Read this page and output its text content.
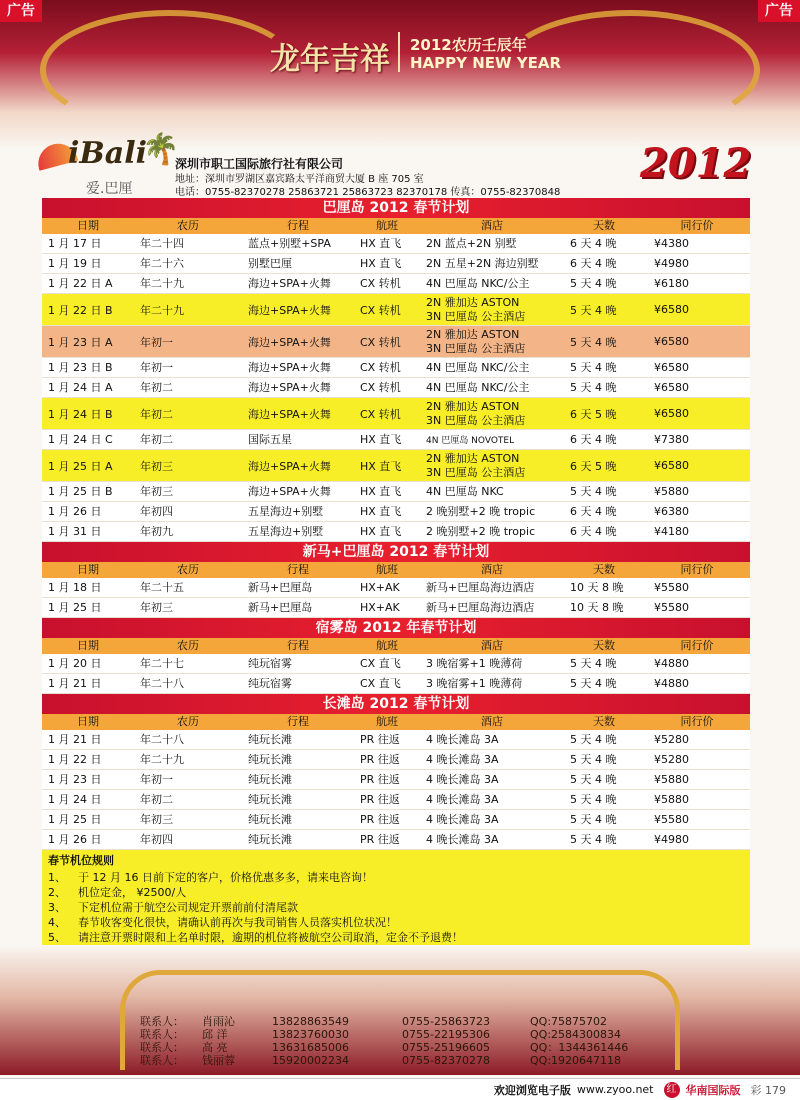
广告	广告
龙年吉祥 2012农历壬辰年
HAPPY NEW YEAR
iBali
🌴
爱.巴厘
深圳市职工国际旅行社有限公司
地址：深圳市罗湖区嘉宾路太平洋商贸大厦 B 座 705 室
电话：0755-82370278 25863721 25863723 82370178 传真：0755-82370848
2012
巴厘岛 2012 春节计划
日期	农历	行程	航班	酒店	天数	同行价
1 月 17 日	年二十四	蓝点+别墅+SPA	HX 直飞	2N 蓝点+2N 别墅	6 天 4 晚	¥4380
1 月 19 日	年二十六	别墅巴厘	HX 直飞	2N 五星+2N 海边别墅	6 天 4 晚	¥4980
1 月 22 日 A	年二十九	海边+SPA+火舞	CX 转机	4N 巴厘岛 NKC/公主	5 天 4 晚	¥6180
1 月 22 日 B	年二十九	海边+SPA+火舞	CX 转机
2N 雅加达 ASTON
3N 巴厘岛 公主酒店	5 天 4 晚	¥6580
1 月 23 日 A	年初一	海边+SPA+火舞	CX 转机
2N 雅加达 ASTON
3N 巴厘岛 公主酒店	5 天 4 晚	¥6580
1 月 23 日 B	年初一	海边+SPA+火舞	CX 转机	4N 巴厘岛 NKC/公主	5 天 4 晚	¥6580
1 月 24 日 A	年初二	海边+SPA+火舞	CX 转机	4N 巴厘岛 NKC/公主	5 天 4 晚	¥6580
1 月 24 日 B	年初二	海边+SPA+火舞	CX 转机
2N 雅加达 ASTON
3N 巴厘岛 公主酒店	6 天 5 晚	¥6580
1 月 24 日 C	年初二	国际五星	HX 直飞	4N 巴厘岛 NOVOTEL	6 天 4 晚	¥7380
1 月 25 日 A	年初三	海边+SPA+火舞	HX 直飞
2N 雅加达 ASTON
3N 巴厘岛 公主酒店	6 天 5 晚	¥6580
1 月 25 日 B	年初三	海边+SPA+火舞	HX 直飞	4N 巴厘岛 NKC	5 天 4 晚	¥5880
1 月 26 日	年初四	五星海边+别墅	HX 直飞	2 晚别墅+2 晚 tropic	6 天 4 晚	¥6380
1 月 31 日	年初九	五星海边+别墅	HX 直飞	2 晚别墅+2 晚 tropic	6 天 4 晚	¥4180
新马+巴厘岛 2012 春节计划
日期	农历	行程	航班	酒店	天数	同行价
1 月 18 日	年二十五	新马+巴厘岛	HX+AK	新马+巴厘岛海边酒店	10 天 8 晚	¥5580
1 月 25 日	年初三	新马+巴厘岛	HX+AK	新马+巴厘岛海边酒店	10 天 8 晚	¥5580
宿雾岛 2012 年春节计划
日期	农历	行程	航班	酒店	天数	同行价
1 月 20 日	年二十七	纯玩宿雾	CX 直飞	3 晚宿雾+1 晚薄荷	5 天 4 晚	¥4880
1 月 21 日	年二十八	纯玩宿雾	CX 直飞	3 晚宿雾+1 晚薄荷	5 天 4 晚	¥4880
长滩岛 2012 春节计划
日期	农历	行程	航班	酒店	天数	同行价
1 月 21 日	年二十八	纯玩长滩	PR 往返	4 晚长滩岛 3A	5 天 4 晚	¥5280
1 月 22 日	年二十九	纯玩长滩	PR 往返	4 晚长滩岛 3A	5 天 4 晚	¥5280
1 月 23 日	年初一	纯玩长滩	PR 往返	4 晚长滩岛 3A	5 天 4 晚	¥5880
1 月 24 日	年初二	纯玩长滩	PR 往返	4 晚长滩岛 3A	5 天 4 晚	¥5880
1 月 25 日	年初三	纯玩长滩	PR 往返	4 晚长滩岛 3A	5 天 4 晚	¥5580
1 月 26 日	年初四	纯玩长滩	PR 往返	4 晚长滩岛 3A	5 天 4 晚	¥4980
春节机位规则
1、	于 12 月 16 日前下定的客户，价格优惠多多，请来电咨询！
2、	机位定金， ¥2500/人
3、	下定机位需于航空公司规定开票前前付清尾款
4、	春节收客变化很快，请确认前再次与我司销售人员落实机位状况！
5、	请注意开票时限和上名单时限，逾期的机位将被航空公司取消，定金不予退费！
联系人：	肖雨沁	13828863549	0755-25863723	QQ:75875702
联系人：	邱 洋	13823760030	0755-22195306	QQ:2584300834
联系人：	高 亮	13631685006	0755-25196605	QQ：1344361446
联系人：	钱丽蓉	15920002234	0755-82370278	QQ:1920647118
欢迎浏览电子版 www.zyoo.net	红 华南国际版 彩 179
